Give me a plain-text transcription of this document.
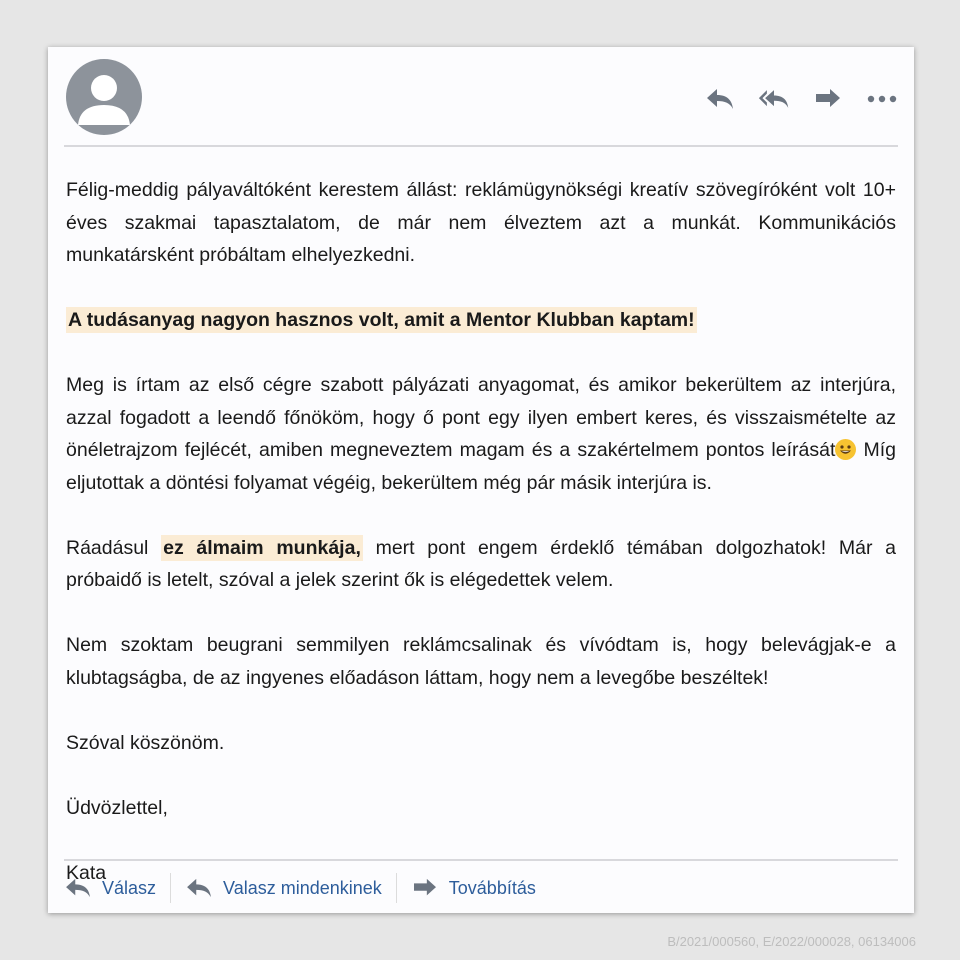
Félig-meddig pályaváltóként kerestem állást: reklámügynökségi kreatív szövegíróként volt 10+ éves szakmai tapasztalatom, de már nem élveztem azt a munkát. Kommunikációs munkatársként próbáltam elhelyezkedni.

A tudásanyag nagyon hasznos volt, amit a Mentor Klubban kaptam!

Meg is írtam az első cégre szabott pályázati anyagomat, és amikor bekerültem az interjúra, azzal fogadott a leendő főnököm, hogy ő pont egy ilyen embert keres, és visszaismételte az önéletrajzom fejlécét, amiben megneveztem magam és a szakértelmem pontos leírását Míg eljutottak a döntési folyamat végéig, bekerültem még pár másik interjúra is.

Ráadásul ez álmaim munkája, mert pont engem érdeklő témában dolgozhatok! Már a próbaidő is letelt, szóval a jelek szerint ők is elégedettek velem.

Nem szoktam beugrani semmilyen reklámcsalinak és vívódtam is, hogy belevágjak-e a klubtagságba, de az ingyenes előadáson láttam, hogy nem a levegőbe beszéltek!

Szóval köszönöm.

Üdvözlettel,

Kata

Válasz	Valasz mindenkinek	Továbbítás
B/2021/000560, E/2022/000028, 06134006
